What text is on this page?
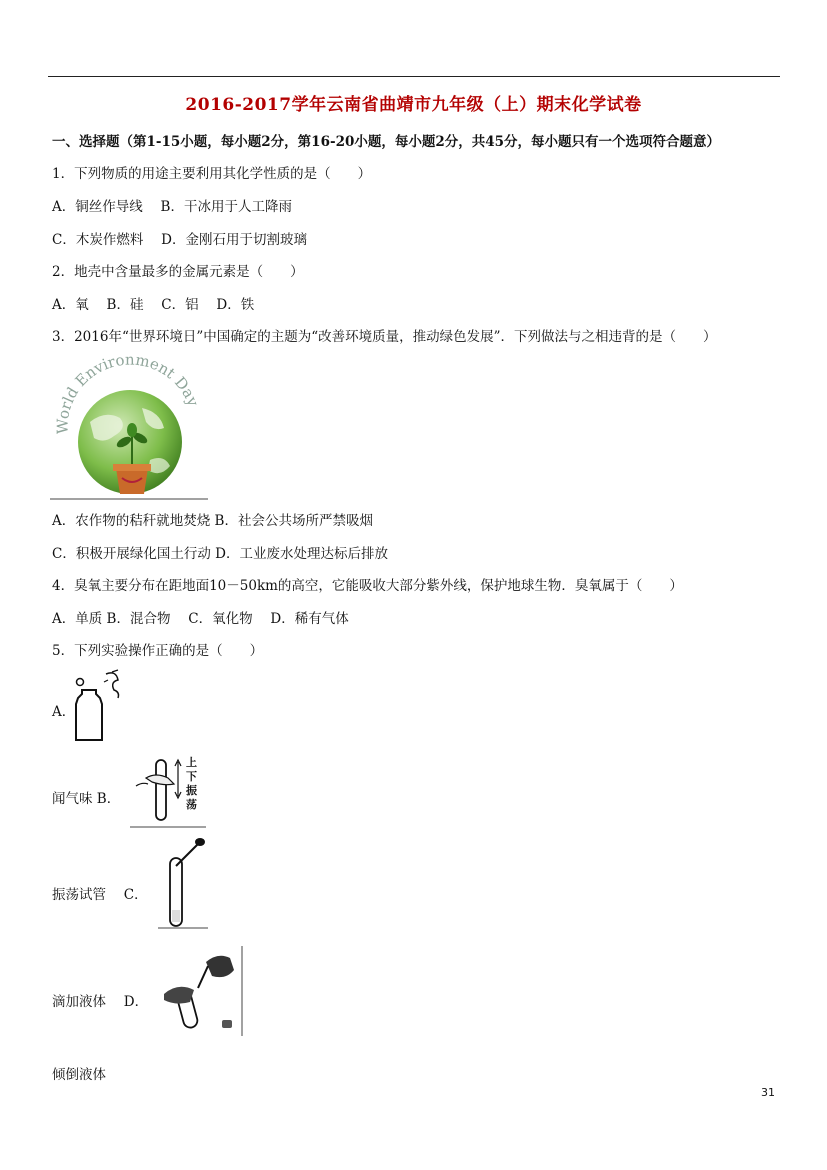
2016-2017学年云南省曲靖市九年级（上）期末化学试卷
一、选择题（第1-15小题，每小题2分，第16-20小题，每小题2分，共45分，每小题只有一个选项符合题意）
1．下列物质的用途主要利用其化学性质的是（　　）
A．铜丝作导线　 B．干冰用于人工降雨
C．木炭作燃料　 D．金刚石用于切割玻璃
2．地壳中含量最多的金属元素是（　　）
A．氧　 B．硅　 C．铝　 D．铁
3．2016年“世界环境日”中国确定的主题为“改善环境质量，推动绿色发展”．下列做法与之相违背的是（　　）
World Environment Day
A．农作物的秸秆就地焚烧 B．社会公共场所严禁吸烟
C．积极开展绿化国土行动 D．工业废水处理达标后排放
4．臭氧主要分布在距地面10－50km的高空，它能吸收大部分紫外线，保护地球生物．臭氧属于（　　）
A．单质 B．混合物　 C．氧化物　 D．稀有气体
5．下列实验操作正确的是（　　）
A．
闻气味 B．
上
下
振
荡
振荡试管　 C．
滴加液体　 D．
倾倒液体
31
